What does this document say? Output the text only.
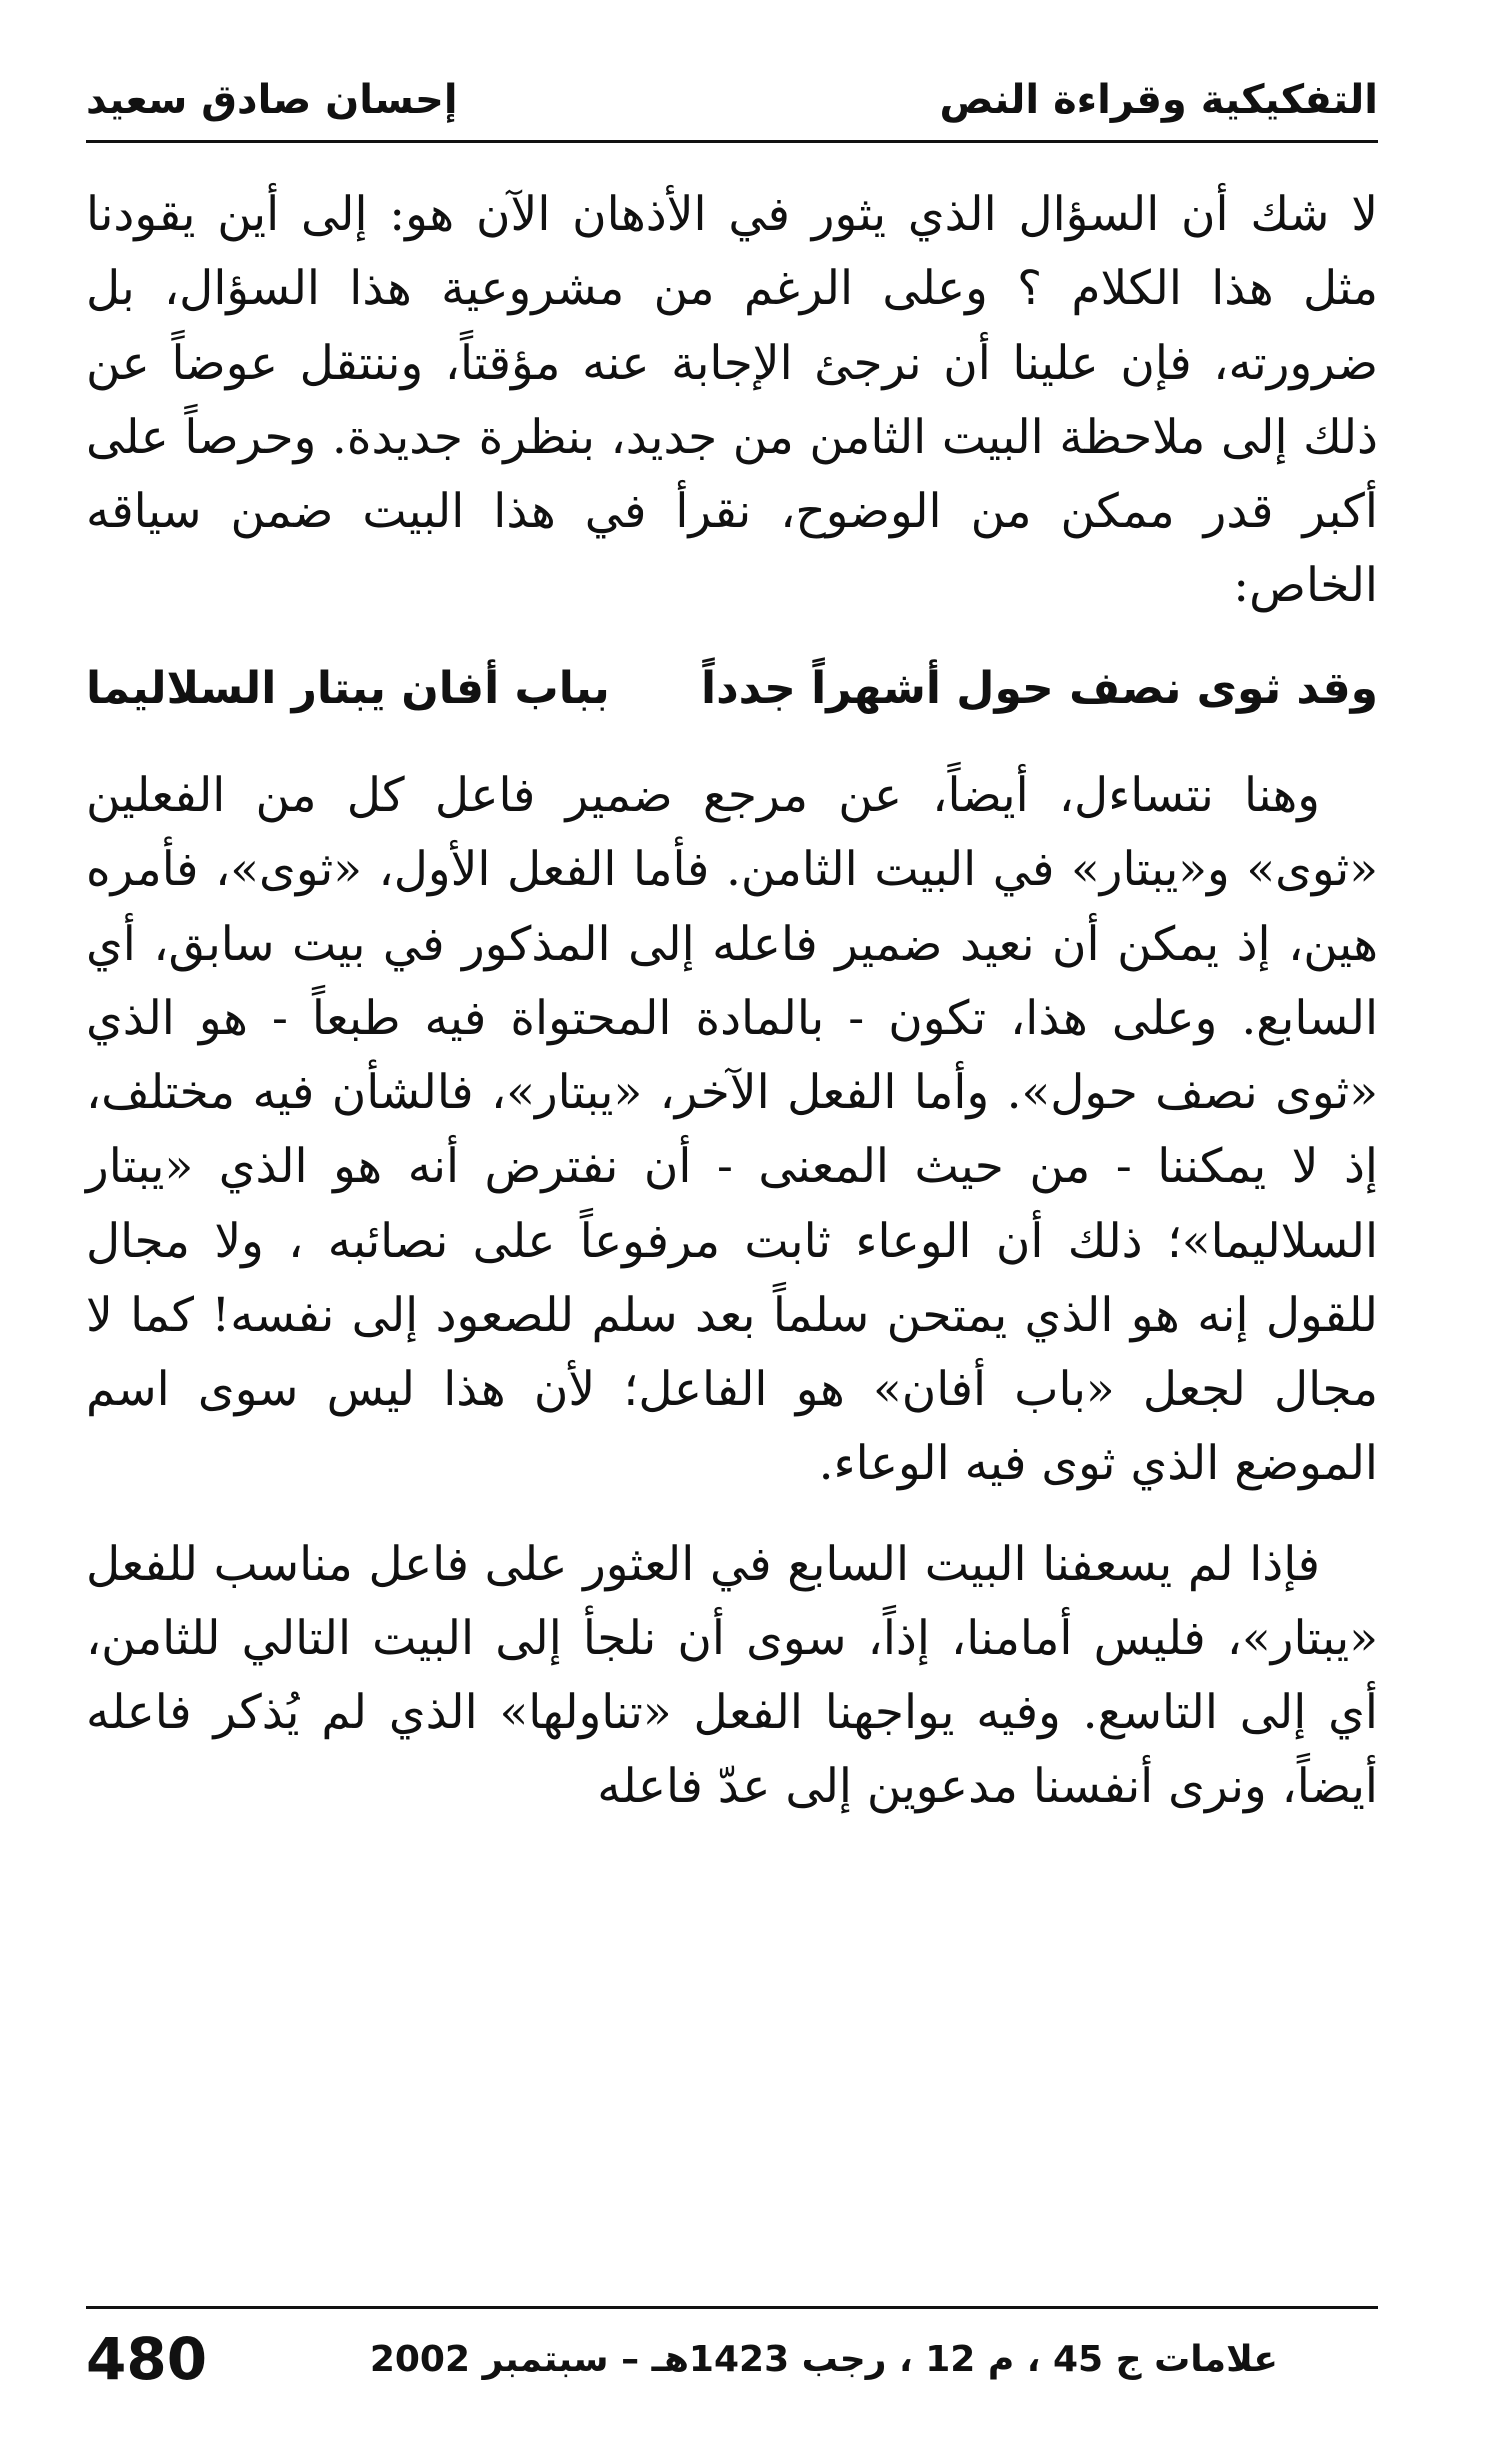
التفكيكية وقراءة النص
إحسان صادق سعيد

لا شك أن السؤال الذي يثور في الأذهان الآن هو: إلى أين يقودنا مثل هذا الكلام ؟ وعلى الرغم من مشروعية هذا السؤال، بل ضرورته، فإن علينا أن نرجئ الإجابة عنه مؤقتاً، وننتقل عوضاً عن ذلك إلى ملاحظة البيت الثامن من جديد، بنظرة جديدة. وحرصاً على أكبر قدر ممكن من الوضوح، نقرأ في هذا البيت ضمن سياقه الخاص:

وقد ثوى نصف حول أشهراً جدداً
بباب أفان يبتار السلاليما

وهنا نتساءل، أيضاً، عن مرجع ضمير فاعل كل من الفعلين «ثوى» و«يبتار» في البيت الثامن. فأما الفعل الأول، «ثوى»، فأمره هين، إذ يمكن أن نعيد ضمير فاعله إلى المذكور في بيت سابق، أي السابع. وعلى هذا، تكون - بالمادة المحتواة فيه طبعاً - هو الذي «ثوى نصف حول». وأما الفعل الآخر، «يبتار»، فالشأن فيه مختلف، إذ لا يمكننا - من حيث المعنى - أن نفترض أنه هو الذي «يبتار السلاليما»؛ ذلك أن الوعاء ثابت مرفوعاً على نصائبه ، ولا مجال للقول إنه هو الذي يمتحن سلماً بعد سلم للصعود إلى نفسه! كما لا مجال لجعل «باب أفان» هو الفاعل؛ لأن هذا ليس سوى اسم الموضع الذي ثوى فيه الوعاء.

فإذا لم يسعفنا البيت السابع في العثور على فاعل مناسب للفعل «يبتار»، فليس أمامنا، إذاً، سوى أن نلجأ إلى البيت التالي للثامن، أي إلى التاسع. وفيه يواجهنا الفعل «تناولها» الذي لم يُذكر فاعله أيضاً، ونرى أنفسنا مدعوين إلى عدّ فاعله

علامات ج 45 ، م 12 ، رجب 1423هـ – سبتمبر 2002
480
